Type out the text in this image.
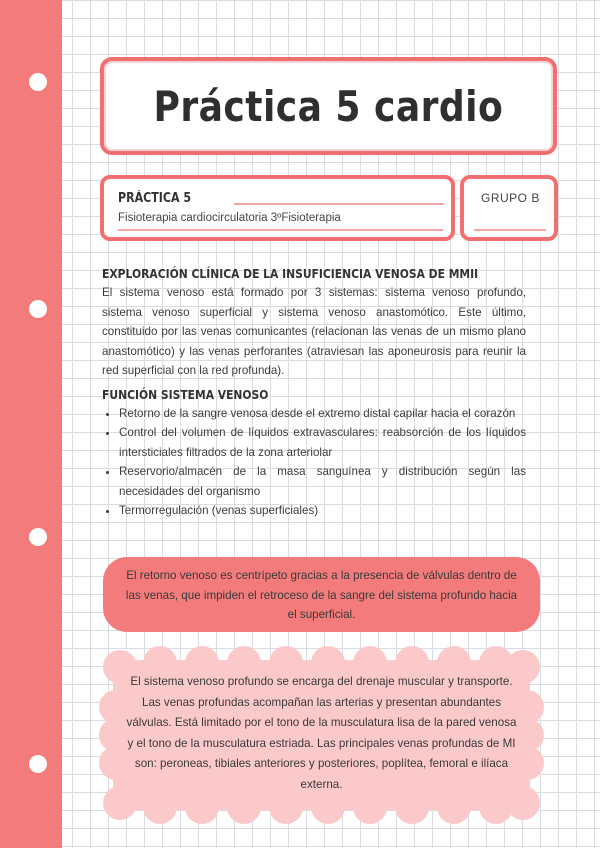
Práctica 5 cardio
PRÁCTICA 5
Fisioterapia cardiocirculatoria 3ºFisioterapia
GRUPO B
EXPLORACIÓN CLÍNICA DE LA INSUFICIENCIA VENOSA DE MMII

El sistema venoso está formado por 3 sistemas: sistema venoso profundo, sistema venoso superficial y sistema venoso anastomótico. Este último, constituido por las venas comunicantes (relacionan las venas de un mismo plano anastomótico) y las venas perforantes (atraviesan las aponeurosis para reunir la red superficial con la red profunda).

FUNCIÓN SISTEMA VENOSO
• Retorno de la sangre venosa desde el extremo distal capilar hacia el corazón
• Control del volumen de líquidos extravasculares: reabsorción de los líquidos intersticiales filtrados de la zona arteriolar
• Reservorio/almacén de la masa sanguínea y distribución según las necesidades del organismo
• Termorregulación (venas superficiales)
El retorno venoso es centrípeto gracias a la presencia de válvulas dentro de las venas, que impiden el retroceso de la sangre del sistema profundo hacia el superficial.
El sistema venoso profundo se encarga del drenaje muscular y transporte. Las venas profundas acompañan las arterias y presentan abundantes válvulas. Está limitado por el tono de la musculatura lisa de la pared venosa y el tono de la musculatura estriada. Las principales venas profundas de MI son: peroneas, tibiales anteriores y posteriores, poplítea, femoral e ilíaca externa.
